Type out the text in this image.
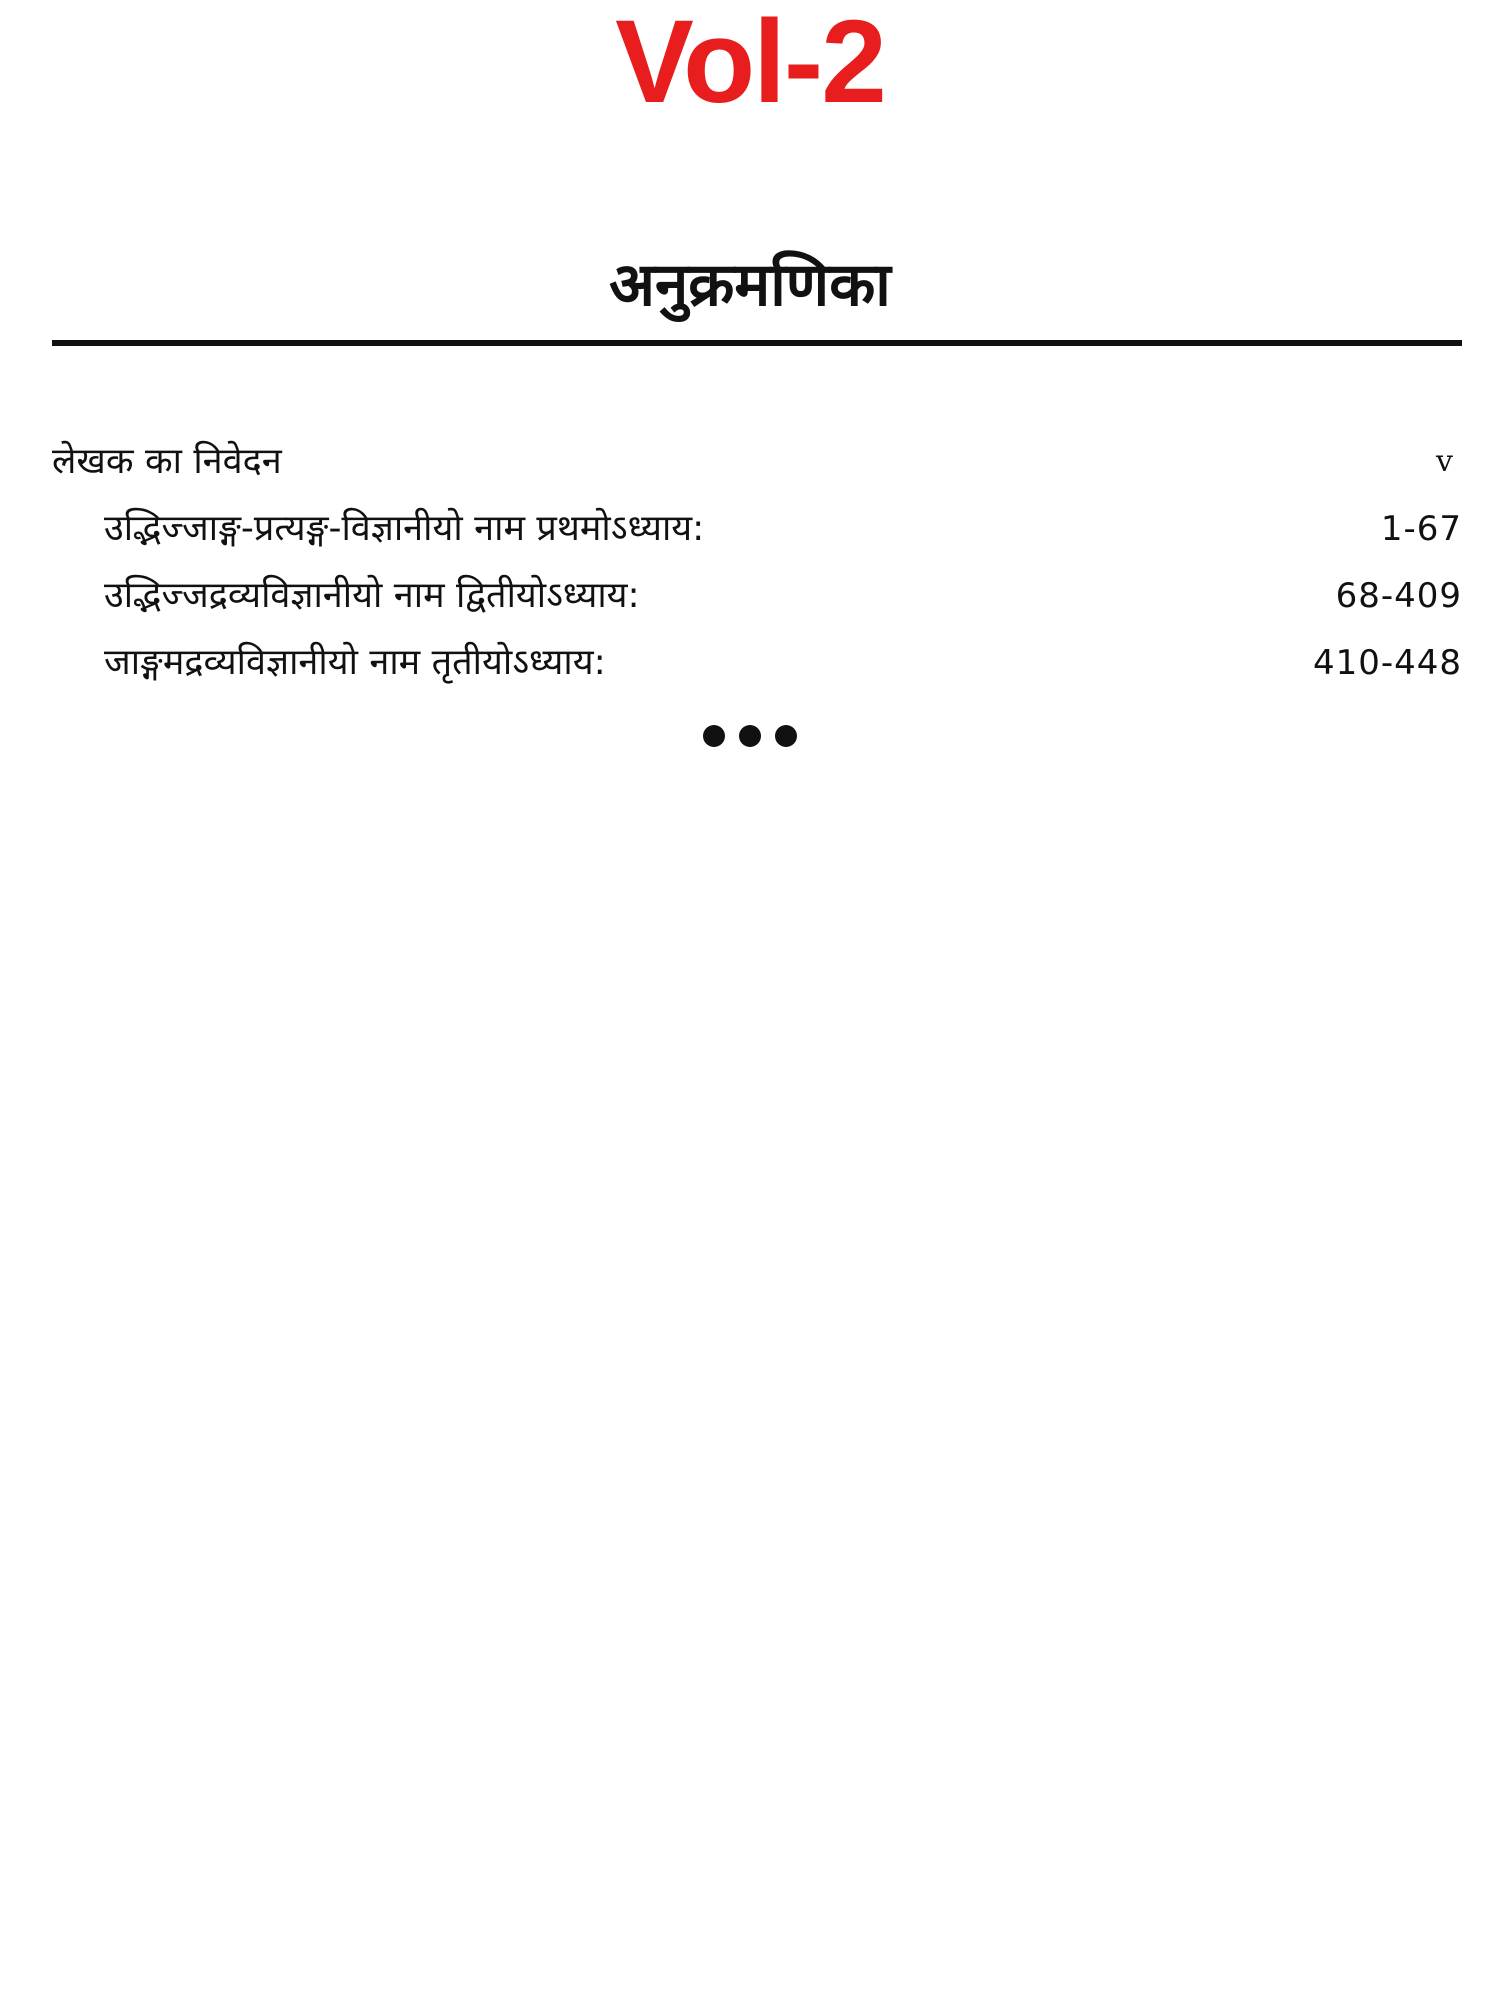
Vol-2
अनुक्रमणिका
लेखक का निवेदन	v
उद्भिज्जाङ्ग-प्रत्यङ्ग-विज्ञानीयो नाम प्रथमोऽध्याय:	1-67
उद्भिज्जद्रव्यविज्ञानीयो नाम द्वितीयोऽध्याय:	68-409
जाङ्गमद्रव्यविज्ञानीयो नाम तृतीयोऽध्याय:	410-448
